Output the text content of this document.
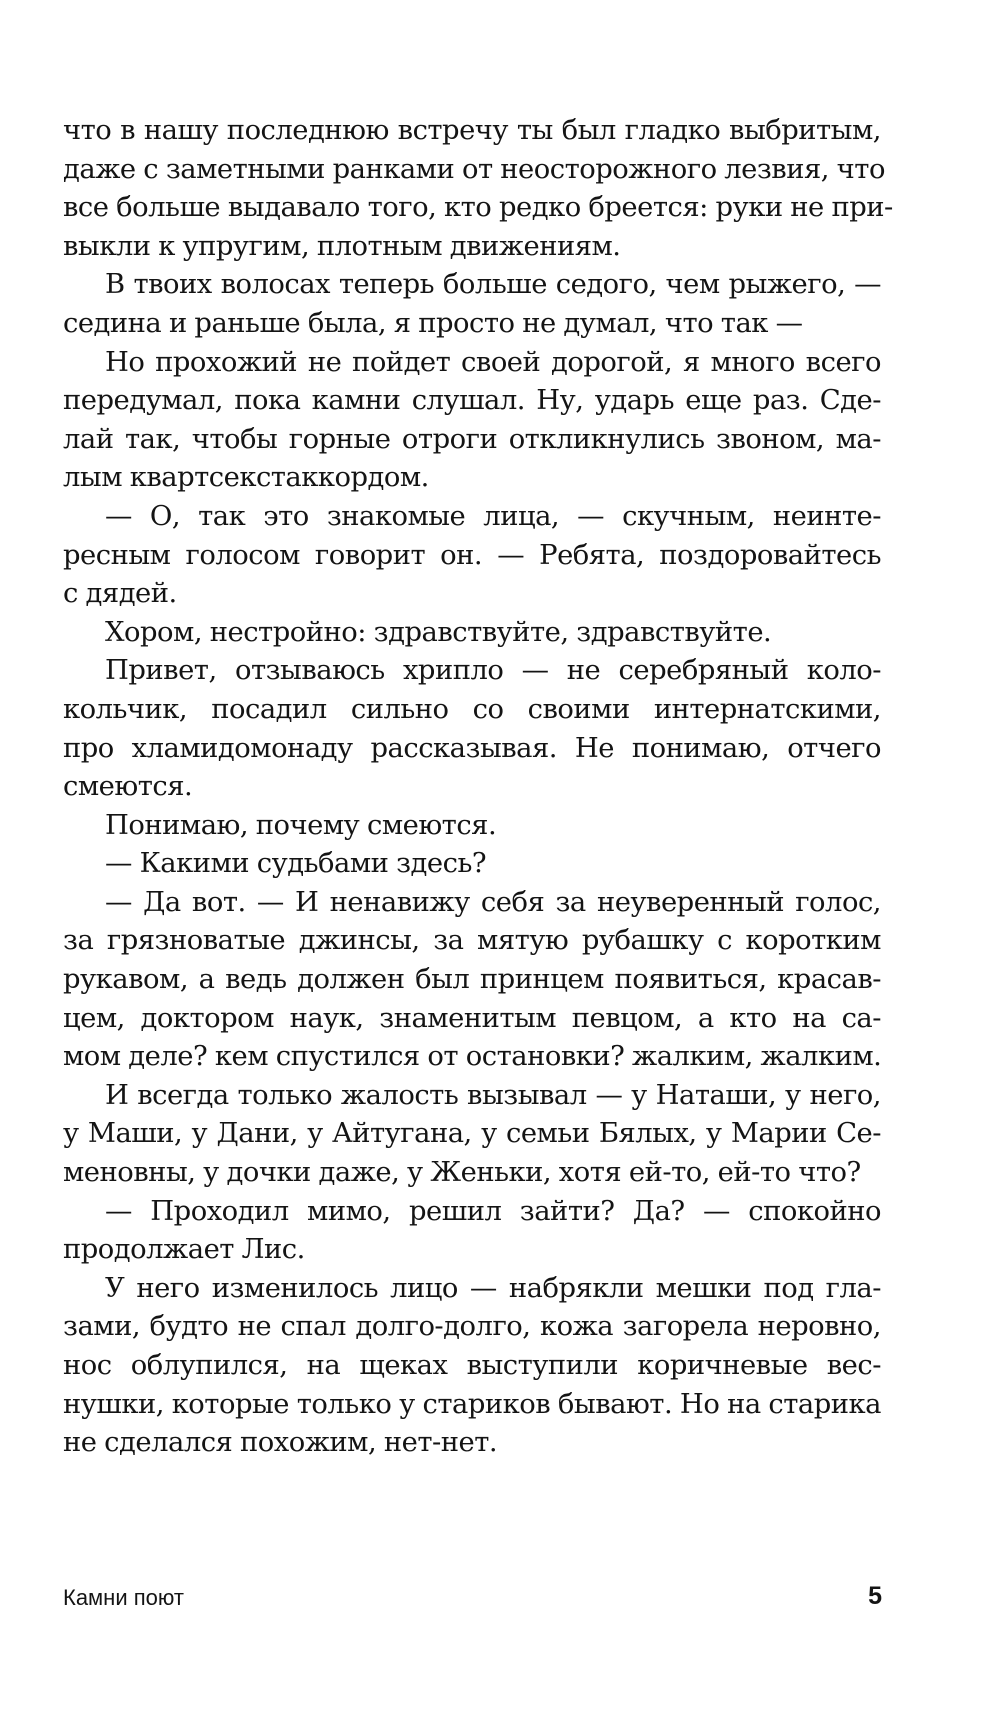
что в нашу последнюю встречу ты был гладко выбритым,
даже с заметными ранками от неосторожного лезвия, что
все больше выдавало того, кто редко бреется: руки не при-
выкли к упругим, плотным движениям.

В твоих волосах теперь больше седого, чем рыжего, —
седина и раньше была, я просто не думал, что так —

Но прохожий не пойдет своей дорогой, я много всего
передумал, пока камни слушал. Ну, ударь еще раз. Сде-
лай так, чтобы горные отроги откликнулись звоном, ма-
лым квартсекстаккордом.

— О, так это знакомые лица, — скучным, неинте-
ресным голосом говорит он. — Ребята, поздоровайтесь
с дядей.

Хором, нестройно: здравствуйте, здравствуйте.

Привет, отзываюсь хрипло — не серебряный коло-
кольчик, посадил сильно со своими интернатскими,
про хламидомонаду рассказывая. Не понимаю, отчего
смеются.

Понимаю, почему смеются.

— Какими судьбами здесь?

— Да вот. — И ненавижу себя за неуверенный голос,
за грязноватые джинсы, за мятую рубашку с коротким
рукавом, а ведь должен был принцем появиться, красав-
цем, доктором наук, знаменитым певцом, а кто на са-
мом деле? кем спустился от остановки? жалким, жалким.

И всегда только жалость вызывал — у Наташи, у него,
у Маши, у Дани, у Айтугана, у семьи Бялых, у Марии Се-
меновны, у дочки даже, у Женьки, хотя ей-то, ей-то что?

— Проходил мимо, решил зайти? Да? — спокойно
продолжает Лис.

У него изменилось лицо — набрякли мешки под гла-
зами, будто не спал долго-долго, кожа загорела неровно,
нос облупился, на щеках выступили коричневые вес-
нушки, которые только у стариков бывают. Но на старика
не сделался похожим, нет-нет.

Камни поют	5
